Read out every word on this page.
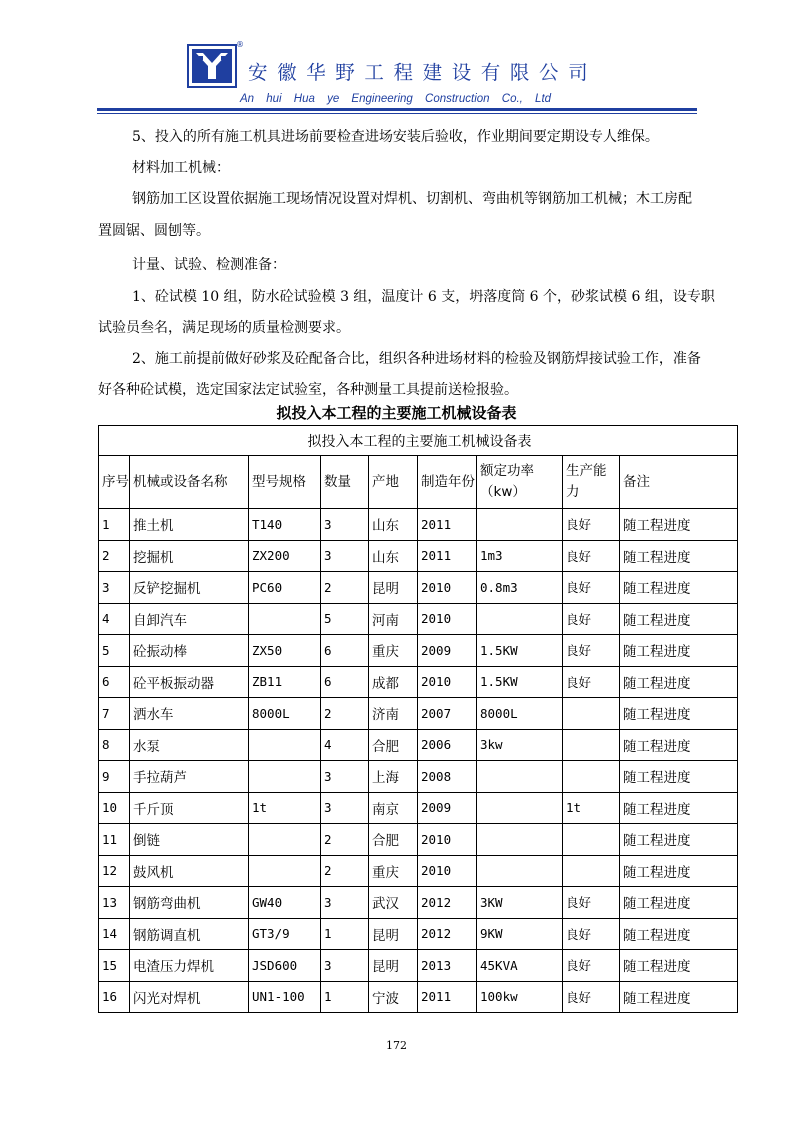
®
安徽华野工程建设有限公司
An hui Hua ye Engineering Construction Co., Ltd
5、投入的所有施工机具进场前要检查进场安装后验收，作业期间要定期设专人维保。
材料加工机械：
钢筋加工区设置依据施工现场情况设置对焊机、切割机、弯曲机等钢筋加工机械；木工房配
置圆锯、圆刨等。
计量、试验、检测准备：
1、砼试模 10 组，防水砼试验模 3 组，温度计 6 支，坍落度筒 6 个，砂浆试模 6 组，设专职
试验员叁名，满足现场的质量检测要求。
2、施工前提前做好砂浆及砼配备合比，组织各种进场材料的检验及钢筋焊接试验工作，准备
好各种砼试模，选定国家法定试验室，各种测量工具提前送检报验。
拟投入本工程的主要施工机械设备表
拟投入本工程的主要施工机械设备表								
序号	机械或设备名称	型号规格	数量	产地	制造年份	额定功率（kw）	生产能力	备注
1	推土机	T140	3	山东	2011		良好	随工程进度
2	挖掘机	ZX200	3	山东	2011	1m3	良好	随工程进度
3	反铲挖掘机	PC60	2	昆明	2010	0.8m3	良好	随工程进度
4	自卸汽车		5	河南	2010		良好	随工程进度
5	砼振动棒	ZX50	6	重庆	2009	1.5KW	良好	随工程进度
6	砼平板振动器	ZB11	6	成都	2010	1.5KW	良好	随工程进度
7	洒水车	8000L	2	济南	2007	8000L		随工程进度
8	水泵		4	合肥	2006	3kw		随工程进度
9	手拉葫芦		3	上海	2008			随工程进度
10	千斤顶	1t	3	南京	2009		1t	随工程进度
11	倒链		2	合肥	2010			随工程进度
12	鼓风机		2	重庆	2010			随工程进度
13	钢筋弯曲机	GW40	3	武汉	2012	3KW	良好	随工程进度
14	钢筋调直机	GT3/9	1	昆明	2012	9KW	良好	随工程进度
15	电渣压力焊机	JSD600	3	昆明	2013	45KVA	良好	随工程进度
16	闪光对焊机	UN1-100	1	宁波	2011	100kw	良好	随工程进度
172
